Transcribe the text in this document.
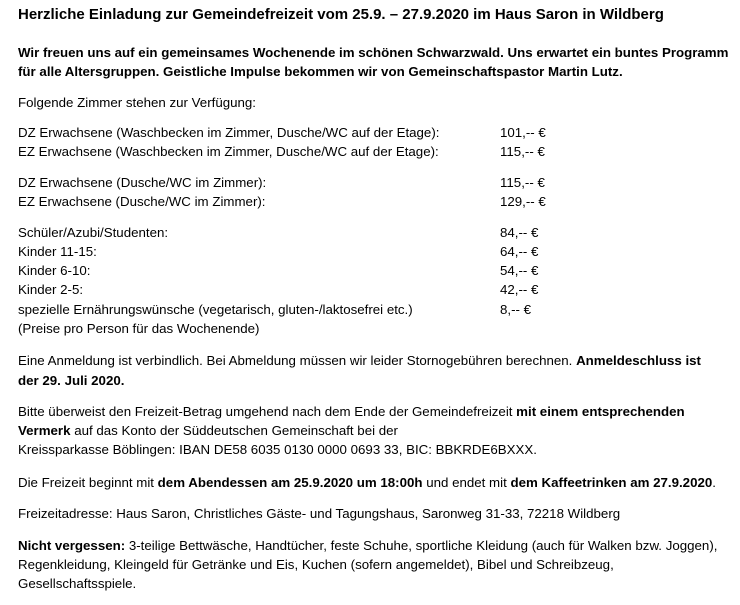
Herzliche Einladung zur Gemeindefreizeit vom 25.9. – 27.9.2020 im Haus Saron in Wildberg
Wir freuen uns auf ein gemeinsames Wochenende im schönen Schwarzwald. Uns erwartet ein buntes Programm
für alle Altersgruppen. Geistliche Impulse bekommen wir von Gemeinschaftspastor Martin Lutz.
Folgende Zimmer stehen zur Verfügung:
DZ Erwachsene (Waschbecken im Zimmer, Dusche/WC auf der Etage):	101,-- €
EZ Erwachsene (Waschbecken im Zimmer, Dusche/WC auf der Etage):	115,-- €
DZ Erwachsene (Dusche/WC im Zimmer):	115,-- €
EZ Erwachsene (Dusche/WC im Zimmer):	129,-- €
Schüler/Azubi/Studenten:	84,-- €
Kinder 11-15:	64,-- €
Kinder 6-10:	54,-- €
Kinder 2-5:	42,-- €
spezielle Ernährungswünsche (vegetarisch, gluten-/laktosefrei etc.)	8,-- €
(Preise pro Person für das Wochenende)
Eine Anmeldung ist verbindlich. Bei Abmeldung müssen wir leider Stornogebühren berechnen. Anmeldeschluss ist
der 29. Juli 2020.
Bitte überweist den Freizeit-Betrag umgehend nach dem Ende der Gemeindefreizeit mit einem entsprechenden
Vermerk auf das Konto der Süddeutschen Gemeinschaft bei der
Kreissparkasse Böblingen: IBAN DE58 6035 0130 0000 0693 33, BIC: BBKRDE6BXXX.
Die Freizeit beginnt mit dem Abendessen am 25.9.2020 um 18:00h und endet mit dem Kaffeetrinken am 27.9.2020.
Freizeitadresse: Haus Saron, Christliches Gäste- und Tagungshaus, Saronweg 31-33, 72218 Wildberg
Nicht vergessen: 3-teilige Bettwäsche, Handtücher, feste Schuhe, sportliche Kleidung (auch für Walken bzw. Joggen),
Regenkleidung, Kleingeld für Getränke und Eis, Kuchen (sofern angemeldet), Bibel und Schreibzeug,
Gesellschaftsspiele.
